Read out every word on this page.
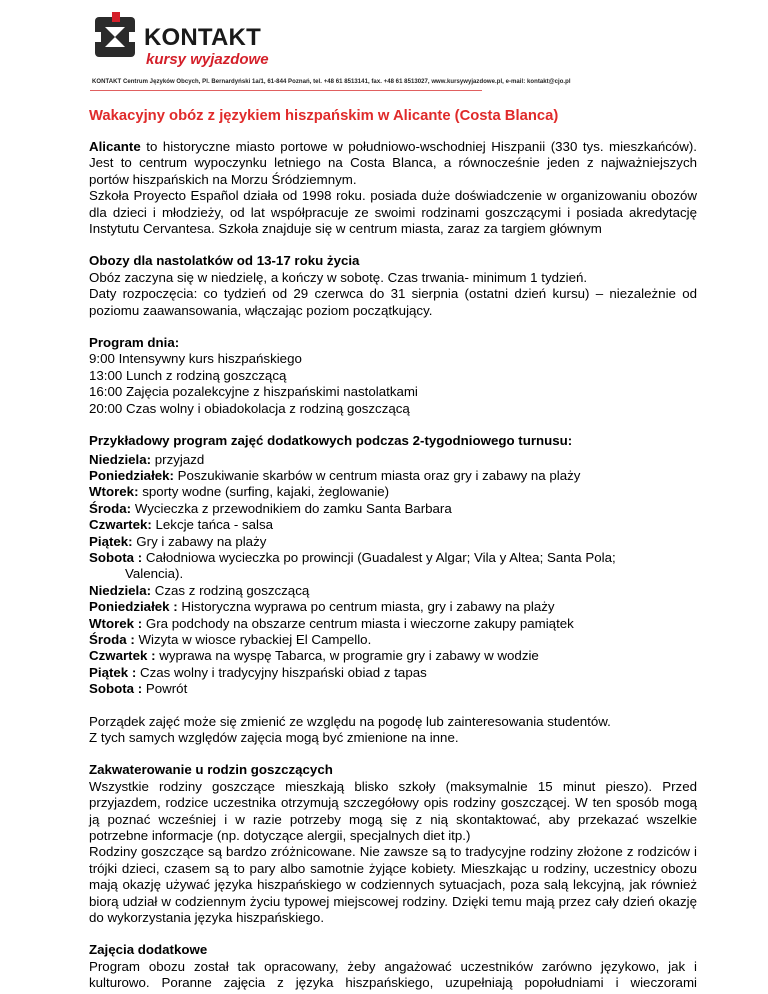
KONTAKT
kursy wyjazdowe
KONTAKT Centrum Języków Obcych, Pl. Bernardyński 1a/1, 61-844 Poznań, tel. +48 61 8513141, fax. +48 61 8513027, www.kursywyjazdowe.pl, e-mail: kontakt@cjo.pl
Wakacyjny obóz z językiem hiszpańskim w Alicante (Costa Blanca)

Alicante to historyczne miasto portowe w południowo-wschodniej Hiszpanii (330 tys. mieszkańców). Jest to centrum wypoczynku letniego na Costa Blanca, a równocześnie jeden z najważniejszych portów hiszpańskich na Morzu Śródziemnym.

Szkoła Proyecto Español działa od 1998 roku. posiada duże doświadczenie w organizowaniu obozów dla dzieci i młodzieży, od lat współpracuje ze swoimi rodzinami goszczącymi i posiada akredytację Instytutu Cervantesa. Szkoła znajduje się w centrum miasta, zaraz za targiem głównym

Obozy dla nastolatków od 13-17 roku życia

Obóz zaczyna się w niedzielę, a kończy w sobotę. Czas trwania- minimum 1 tydzień.

Daty rozpoczęcia: co tydzień od 29 czerwca do 31 sierpnia (ostatni dzień kursu) – niezależnie od poziomu zaawansowania, włączając poziom początkujący.

Program dnia:

9:00 Intensywny kurs hiszpańskiego

13:00 Lunch z rodziną goszczącą

16:00 Zajęcia pozalekcyjne z hiszpańskimi nastolatkami

20:00 Czas wolny i obiadokolacja z rodziną goszczącą

Przykładowy program zajęć dodatkowych podczas 2-tygodniowego turnusu:

Niedziela: przyjazd

Poniedziałek: Poszukiwanie skarbów w centrum miasta oraz gry i zabawy na plaży

Wtorek: sporty wodne (surfing, kajaki, żeglowanie)

Środa: Wycieczka z przewodnikiem do zamku Santa Barbara

Czwartek: Lekcje tańca - salsa

Piątek: Gry i zabawy na plaży

Sobota : Całodniowa wycieczka po prowincji (Guadalest y Algar; Vila y Altea; Santa Pola;

Valencia).

Niedziela: Czas z rodziną goszczącą

Poniedziałek : Historyczna wyprawa po centrum miasta, gry i zabawy na plaży

Wtorek : Gra podchody na obszarze centrum miasta i wieczorne zakupy pamiątek

Środa : Wizyta w wiosce rybackiej El Campello.

Czwartek : wyprawa na wyspę Tabarca, w programie gry i zabawy w wodzie

Piątek : Czas wolny i tradycyjny hiszpański obiad z tapas

Sobota : Powrót

Porządek zajęć może się zmienić ze względu na pogodę lub zainteresowania studentów.

Z tych samych względów zajęcia mogą być zmienione na inne.

Zakwaterowanie u rodzin goszczących

Wszystkie rodziny goszczące mieszkają blisko szkoły (maksymalnie 15 minut pieszo). Przed przyjazdem, rodzice uczestnika otrzymują szczegółowy opis rodziny goszczącej. W ten sposób mogą ją poznać wcześniej i w razie potrzeby mogą się z nią skontaktować, aby przekazać wszelkie potrzebne informacje (np. dotyczące alergii, specjalnych diet itp.)

Rodziny goszczące są bardzo zróżnicowane. Nie zawsze są to tradycyjne rodziny złożone z rodziców i trójki dzieci, czasem są to pary albo samotnie żyjące kobiety. Mieszkając u rodziny, uczestnicy obozu mają okazję używać języka hiszpańskiego w codziennych sytuacjach, poza salą lekcyjną, jak również biorą udział w codziennym życiu typowej miejscowej rodziny. Dzięki temu mają przez cały dzień okazję do wykorzystania języka hiszpańskiego.

Zajęcia dodatkowe

Program obozu został tak opracowany, żeby angażować uczestników zarówno językowo, jak i kulturowo. Poranne zajęcia z języka hiszpańskiego, uzupełniają popołudniami i wieczorami
